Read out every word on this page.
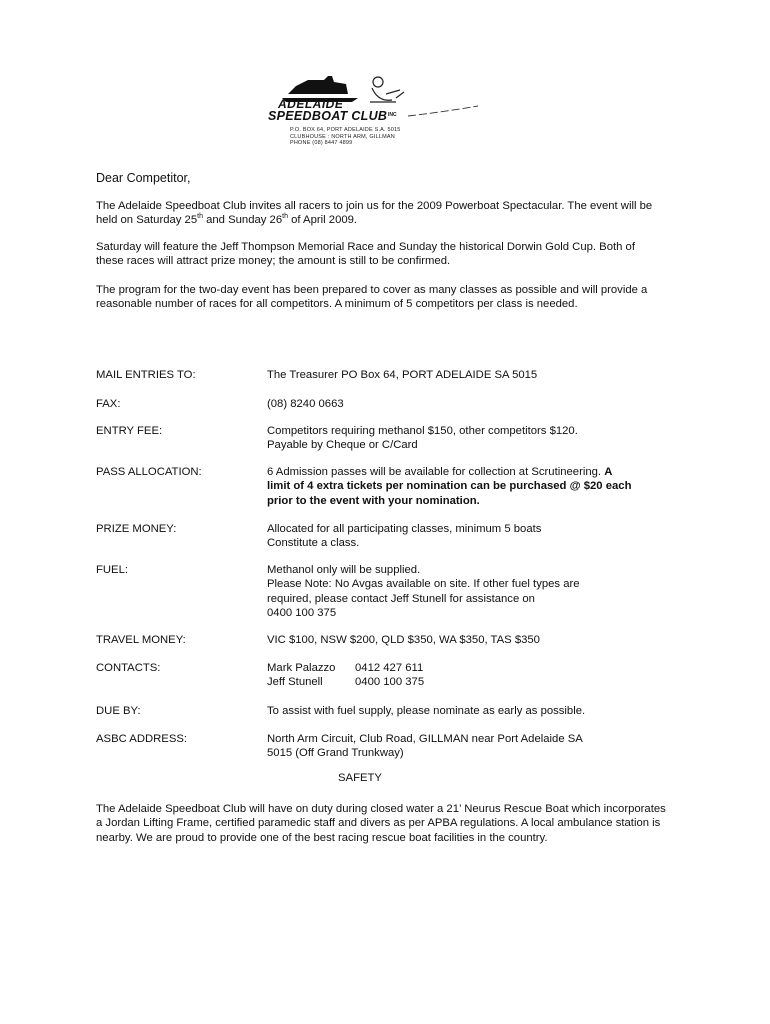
ADELAIDE
SPEEDBOAT CLUB INC
P.O. BOX 64, PORT ADELAIDE S.A. 5015
CLUBHOUSE : NORTH ARM, GILLMAN
PHONE (08) 8447 4899
Dear Competitor,
The Adelaide Speedboat Club invites all racers to join us for the 2009 Powerboat Spectacular. The event will be held on Saturday 25th and Sunday 26th of April 2009.
Saturday will feature the Jeff Thompson Memorial Race and Sunday the historical Dorwin Gold Cup. Both of these races will attract prize money; the amount is still to be confirmed.
The program for the two-day event has been prepared to cover as many classes as possible and will provide a reasonable number of races for all competitors. A minimum of 5 competitors per class is needed.
MAIL ENTRIES TO:	The Treasurer PO Box 64, PORT ADELAIDE SA 5015
FAX:	(08) 8240 0663
ENTRY FEE:	Competitors requiring methanol $150, other competitors $120.
Payable by Cheque or C/Card
PASS ALLOCATION:	6 Admission passes will be available for collection at Scrutineering. A limit of 4 extra tickets per nomination can be purchased @ $20 each prior to the event with your nomination.
PRIZE MONEY:	Allocated for all participating classes, minimum 5 boats
Constitute a class.
FUEL:	Methanol only will be supplied.
Please Note: No Avgas available on site. If other fuel types are required, please contact Jeff Stunell for assistance on
0400 100 375
TRAVEL MONEY:	VIC $100, NSW $200, QLD $350, WA $350, TAS $350
CONTACTS:	Mark Palazzo	0412 427 611
Jeff Stunell	0400 100 375
DUE BY:	To assist with fuel supply, please nominate as early as possible.
ASBC ADDRESS:	North Arm Circuit, Club Road, GILLMAN near Port Adelaide SA
5015 (Off Grand Trunkway)
SAFETY
The Adelaide Speedboat Club will have on duty during closed water a 21’ Neurus Rescue Boat which incorporates a Jordan Lifting Frame, certified paramedic staff and divers as per APBA regulations. A local ambulance station is nearby. We are proud to provide one of the best racing rescue boat facilities in the country.
